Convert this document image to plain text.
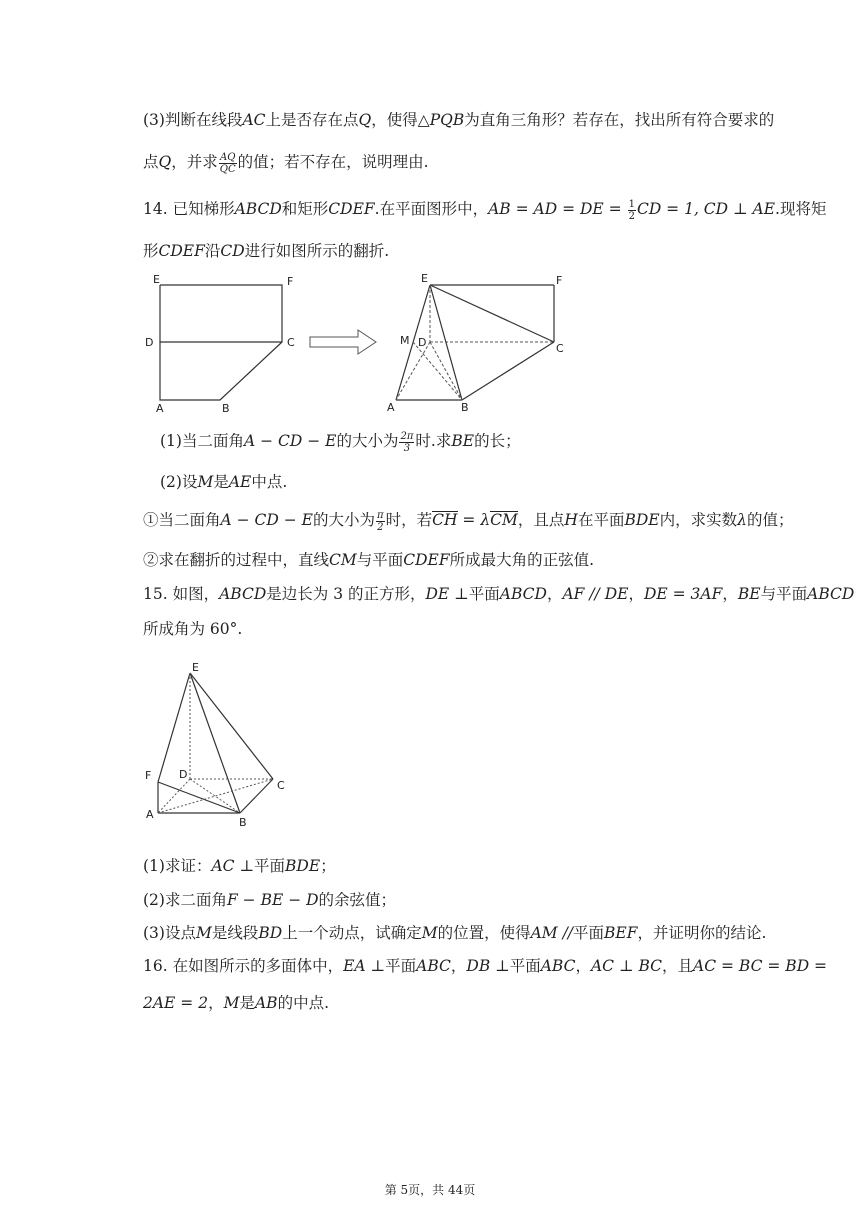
(3)判断在线段AC上是否存在点Q，使得△PQB为直角三角形？若存在，找出所有符合要求的
点Q，并求 $\frac{AQ}{QC}$ 的值；若不存在，说明理由.
14. 已知梯形ABCD和矩形CDEF.在平面图形中，AB = AD = DE = $\frac{1}{2}$ CD = 1, CD ⊥ AE.现将矩
形CDEF沿CD进行如图所示的翻折.
E	F
D	C
A	B
E	F
M D	C
A	B
(1)当二面角A − CD − E的大小为 $\frac{2\pi}{3}$ 时.求BE的长；
(2)设M是AE中点.
①当二面角A − CD − E的大小为 $\frac{\pi}{2}$ 时，若CH = λCM，且点H在平面BDE内，求实数λ的值；
②求在翻折的过程中，直线CM与平面CDEF所成最大角的正弦值.
15. 如图，ABCD是边长为 3 的正方形，DE ⊥平面ABCD，AF // DE，DE = 3AF，BE与平面ABCD
所成角为 60°.
E
F	D
C
A
B
(1)求证：AC ⊥平面BDE；
(2)求二面角F − BE − D的余弦值；
(3)设点M是线段BD上一个动点，试确定M的位置，使得AM //平面BEF，并证明你的结论.
16. 在如图所示的多面体中，EA ⊥平面ABC，DB ⊥平面ABC，AC ⊥ BC，且AC = BC = BD =
2AE = 2，M是AB的中点.
第 5页，共 44页
